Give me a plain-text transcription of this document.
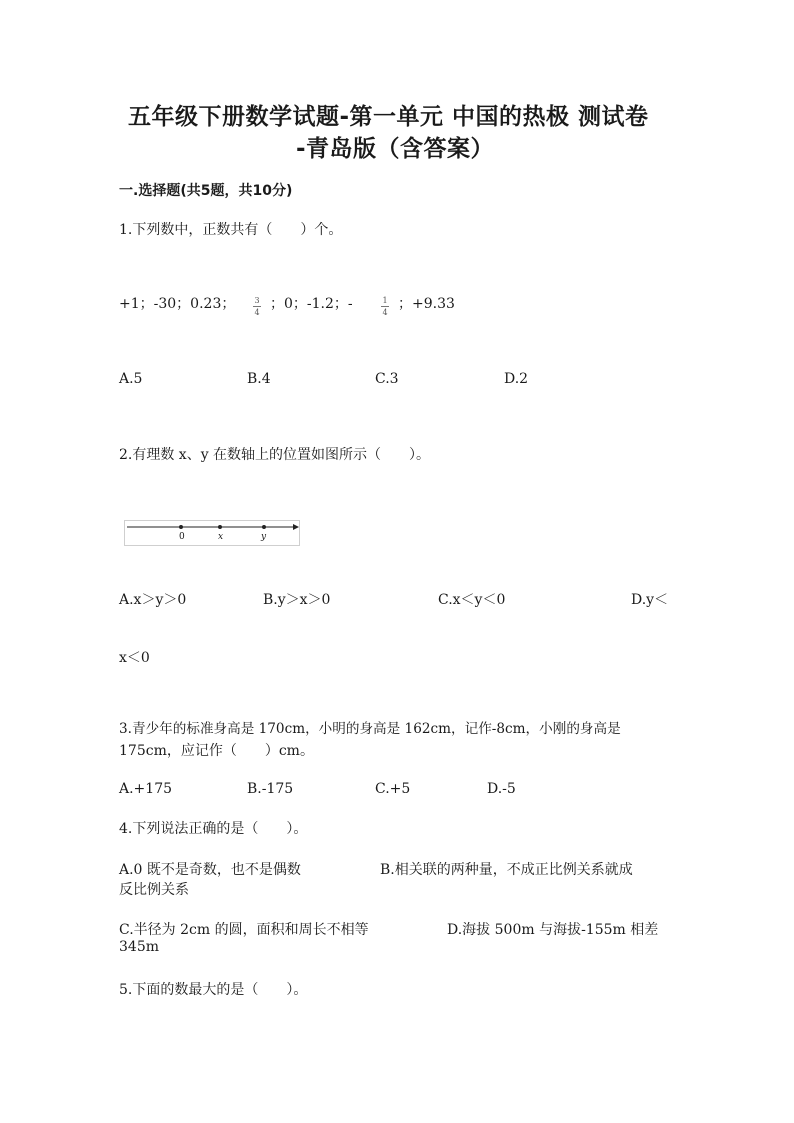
五年级下册数学试题-第一单元 中国的热极 测试卷
-青岛版（含答案）
一.选择题(共5题，共10分)
1.下列数中，正数共有（　　）个。
+1；-30；0.23；	3
4
；0；-1.2；-	1
4
；+9.33
A.5	B.4	C.3	D.2
2.有理数 x、y 在数轴上的位置如图所示（　　）。
0	x	y
A.x＞y＞0	B.y＞x＞0	C.x＜y＜0	D.y＜
x＜0
3.青少年的标准身高是 170cm，小明的身高是 162cm，记作-8cm，小刚的身高是
175cm，应记作（　　）cm。
A.+175	B.-175	C.+5	D.-5
4.下列说法正确的是（　　）。
A.0 既不是奇数，也不是偶数	B.相关联的两种量，不成正比例关系就成
反比例关系
C.半径为 2cm 的圆，面积和周长不相等	D.海拔 500m 与海拔-155m 相差
345m
5.下面的数最大的是（　　）。
